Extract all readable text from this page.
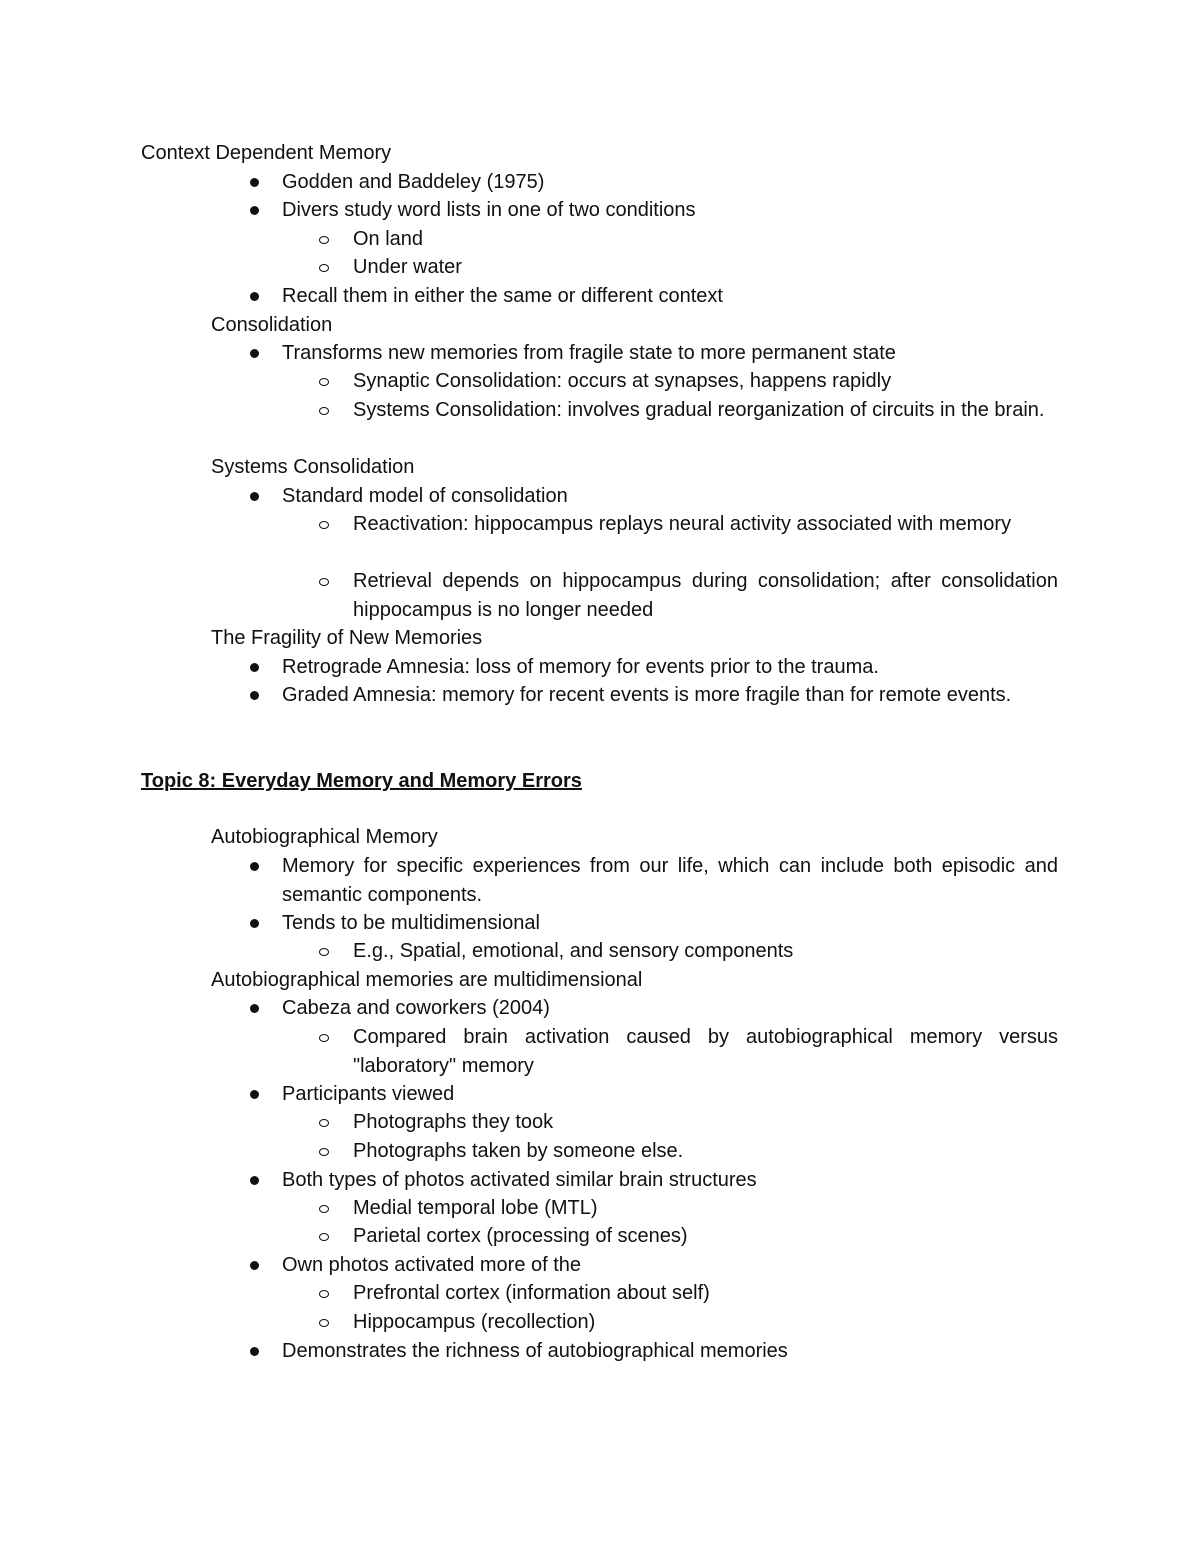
Context Dependent Memory
Godden and Baddeley (1975)
Divers study word lists in one of two conditions
On land
Under water
Recall them in either the same or different context
Consolidation
Transforms new memories from fragile state to more permanent state
Synaptic Consolidation: occurs at synapses, happens rapidly
Systems Consolidation: involves gradual reorganization of circuits in the brain.
Systems Consolidation
Standard model of consolidation
Reactivation: hippocampus replays neural activity associated with memory
Retrieval depends on hippocampus during consolidation; after consolidation hippocampus is no longer needed
The Fragility of New Memories
Retrograde Amnesia: loss of memory for events prior to the trauma.
Graded Amnesia: memory for recent events is more fragile than for remote events.
Topic 8: Everyday Memory and Memory Errors
Autobiographical Memory
Memory for specific experiences from our life, which can include both episodic and semantic components.
Tends to be multidimensional
E.g., Spatial, emotional, and sensory components
Autobiographical memories are multidimensional
Cabeza and coworkers (2004)
Compared brain activation caused by autobiographical memory versus "laboratory" memory
Participants viewed
Photographs they took
Photographs taken by someone else.
Both types of photos activated similar brain structures
Medial temporal lobe (MTL)
Parietal cortex (processing of scenes)
Own photos activated more of the
Prefrontal cortex (information about self)
Hippocampus (recollection)
Demonstrates the richness of autobiographical memories
